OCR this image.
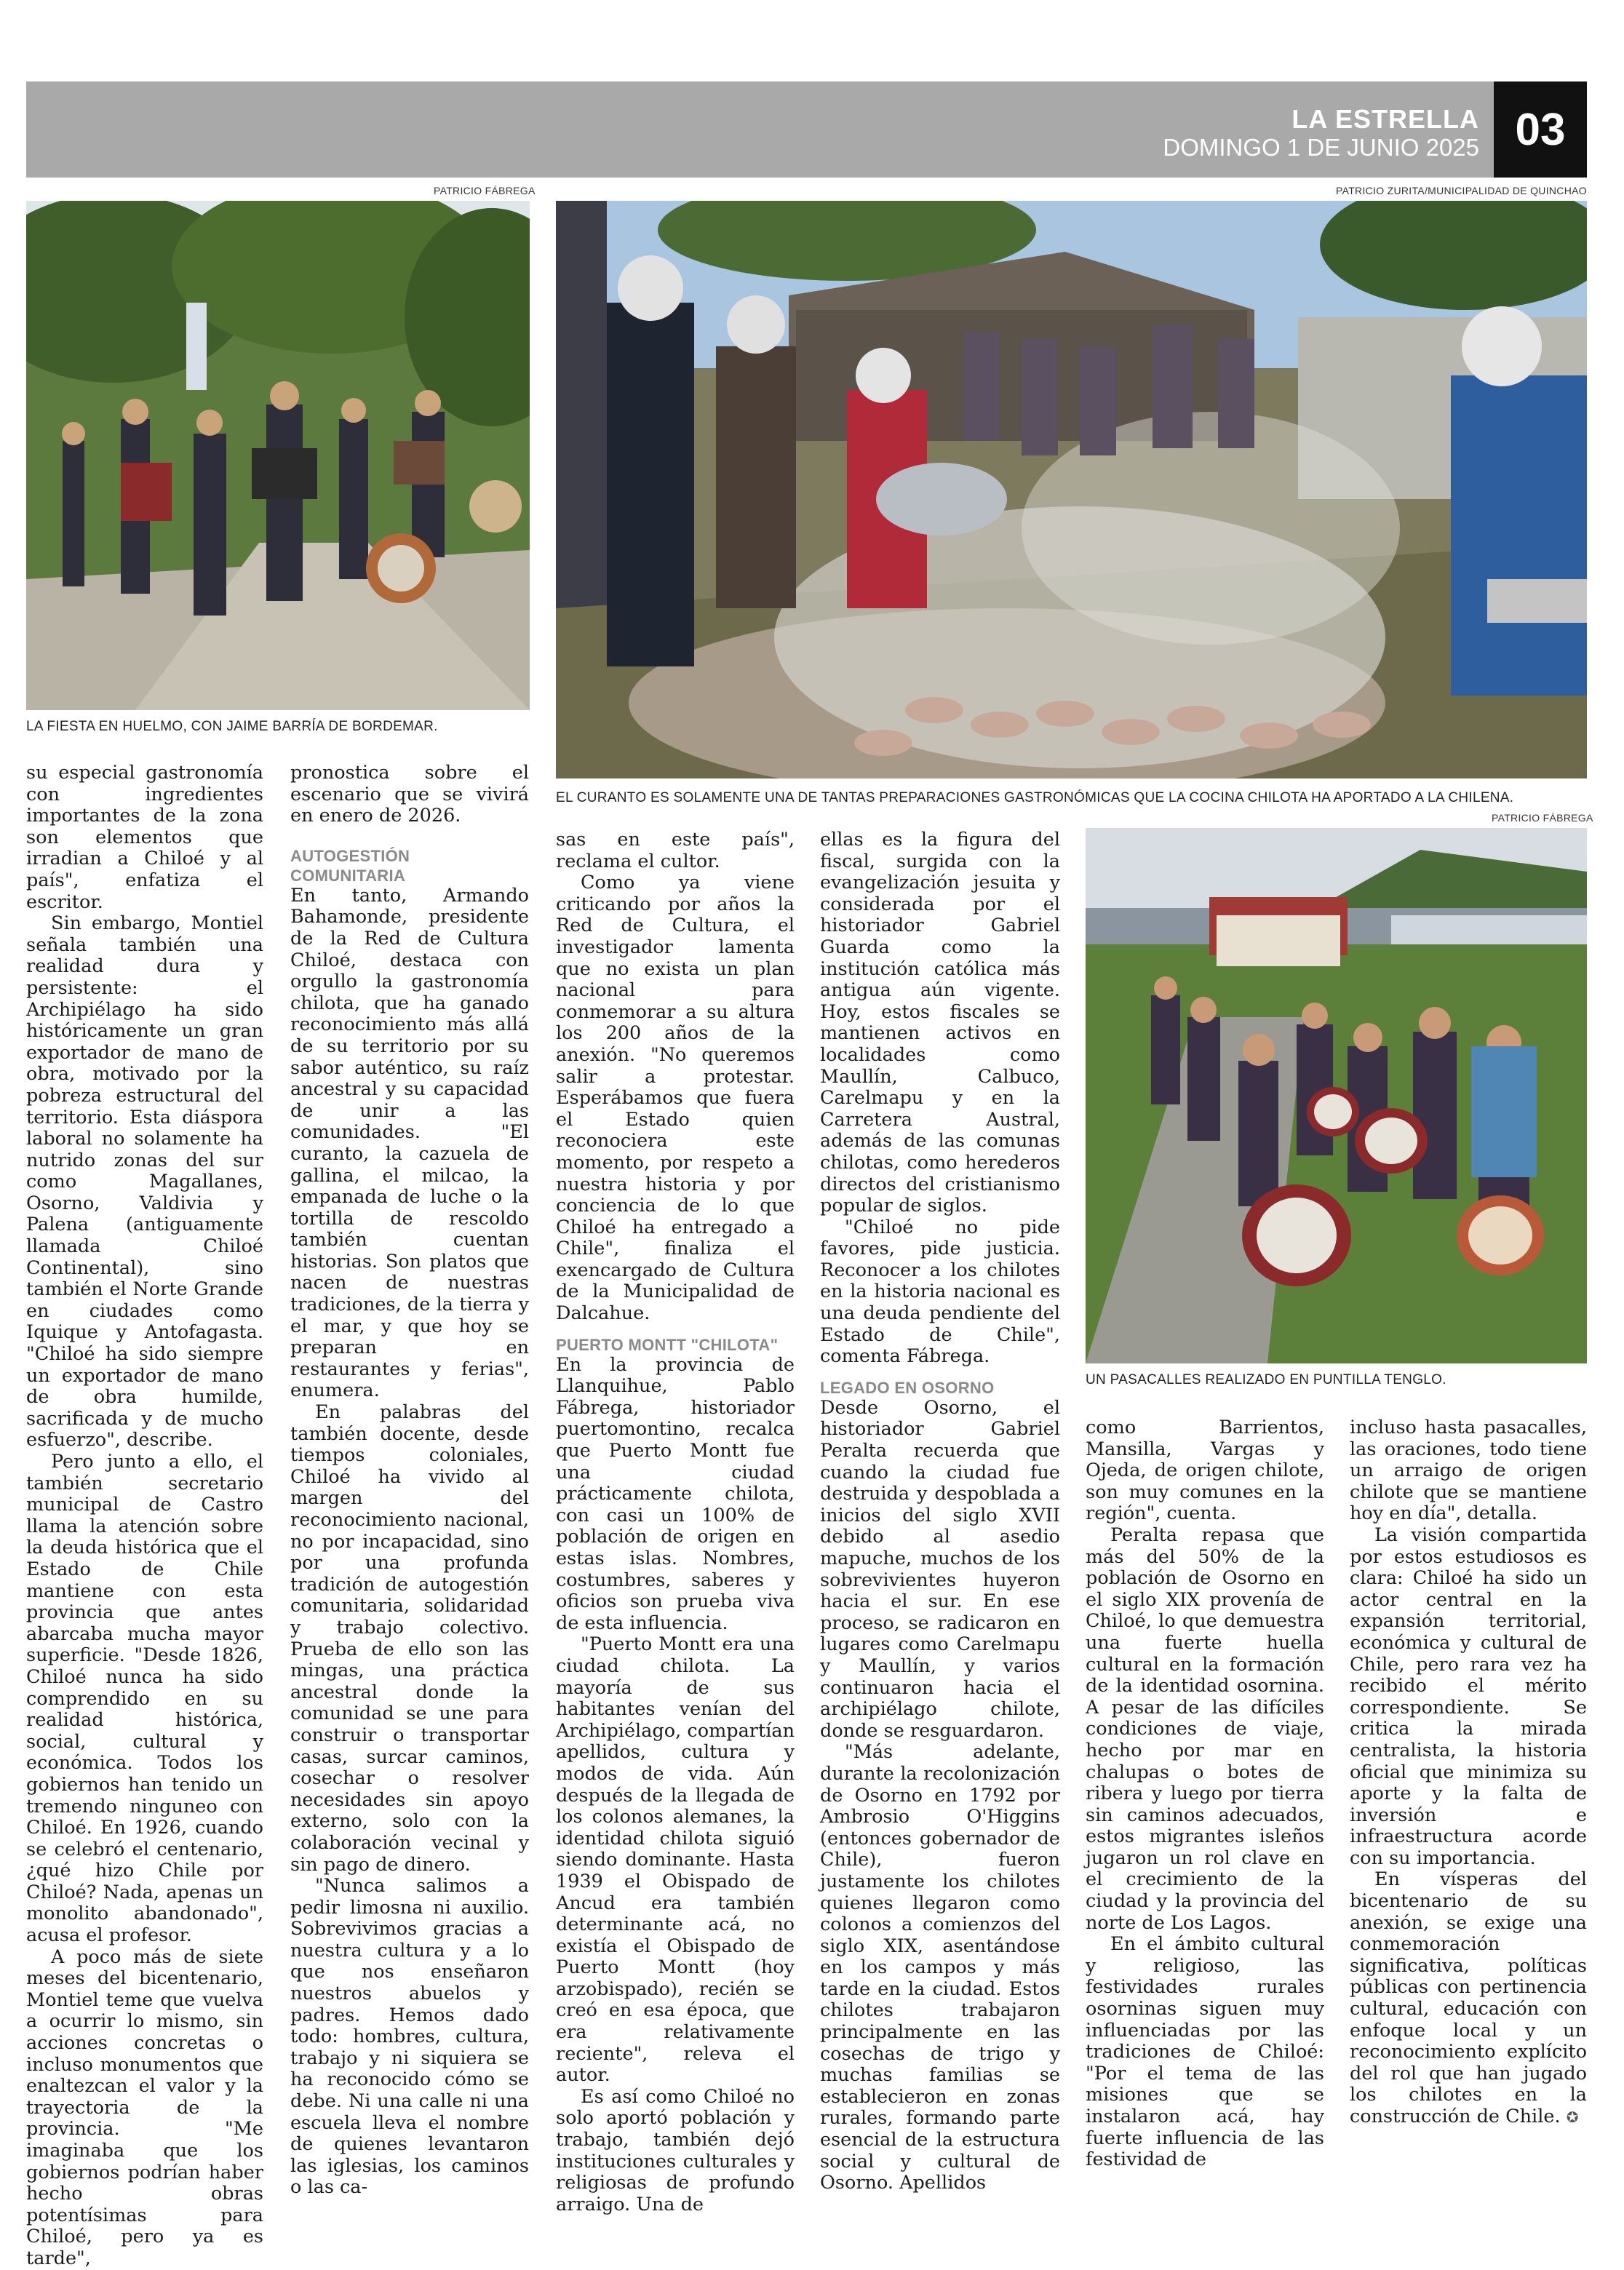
LA ESTRELLA
DOMINGO 1 DE JUNIO 2025 03
PATRICIO FÁBREGA
LA FIESTA EN HUELMO, CON JAIME BARRÍA DE BORDEMAR.
PATRICIO ZURITA/MUNICIPALIDAD DE QUINCHAO
EL CURANTO ES SOLAMENTE UNA DE TANTAS PREPARACIONES GASTRONÓMICAS QUE LA COCINA CHILOTA HA APORTADO A LA CHILENA.
PATRICIO FÁBREGA
UN PASACALLES REALIZADO EN PUNTILLA TENGLO.

su especial gastronomía con ingredientes importantes de la zona son elementos que irradian a Chiloé y al país", enfatiza el escritor.

Sin embargo, Montiel señala también una realidad dura y persistente: el Archipiélago ha sido históricamente un gran exportador de mano de obra, motivado por la pobreza estructural del territorio. Esta diáspora laboral no solamente ha nutrido zonas del sur como Magallanes, Osorno, Valdivia y Palena (antiguamente llamada Chiloé Continental), sino también el Norte Grande en ciudades como Iquique y Antofagasta. "Chiloé ha sido siempre un exportador de mano de obra humilde, sacrificada y de mucho esfuerzo", describe.

Pero junto a ello, el también secretario municipal de Castro llama la atención sobre la deuda histórica que el Estado de Chile mantiene con esta provincia que antes abarcaba mucha mayor superficie. "Desde 1826, Chiloé nunca ha sido comprendido en su realidad histórica, social, cultural y económica. Todos los gobiernos han tenido un tremendo ninguneo con Chiloé. En 1926, cuando se celebró el centenario, ¿qué hizo Chile por Chiloé? Nada, apenas un monolito abandonado", acusa el profesor.

A poco más de siete meses del bicentenario, Montiel teme que vuelva a ocurrir lo mismo, sin acciones concretas o incluso monumentos que enaltezcan el valor y la trayectoria de la provincia. "Me imaginaba que los gobiernos podrían haber hecho obras potentísimas para Chiloé, pero ya es tarde",

pronostica sobre el escenario que se vivirá en enero de 2026.

AUTOGESTIÓN COMUNITARIA

En tanto, Armando Bahamonde, presidente de la Red de Cultura Chiloé, destaca con orgullo la gastronomía chilota, que ha ganado reconocimiento más allá de su territorio por su sabor auténtico, su raíz ancestral y su capacidad de unir a las comunidades. "El curanto, la cazuela de gallina, el milcao, la empanada de luche o la tortilla de rescoldo también cuentan historias. Son platos que nacen de nuestras tradiciones, de la tierra y el mar, y que hoy se preparan en restaurantes y ferias", enumera.

En palabras del también docente, desde tiempos coloniales, Chiloé ha vivido al margen del reconocimiento nacional, no por incapacidad, sino por una profunda tradición de autogestión comunitaria, solidaridad y trabajo colectivo. Prueba de ello son las mingas, una práctica ancestral donde la comunidad se une para construir o transportar casas, surcar caminos, cosechar o resolver necesidades sin apoyo externo, solo con la colaboración vecinal y sin pago de dinero.

"Nunca salimos a pedir limosna ni auxilio. Sobrevivimos gracias a nuestra cultura y a lo que nos enseñaron nuestros abuelos y padres. Hemos dado todo: hombres, cultura, trabajo y ni siquiera se ha reconocido cómo se debe. Ni una calle ni una escuela lleva el nombre de quienes levantaron las iglesias, los caminos o las ca-

sas en este país", reclama el cultor.

Como ya viene criticando por años la Red de Cultura, el investigador lamenta que no exista un plan nacional para conmemorar a su altura los 200 años de la anexión. "No queremos salir a protestar. Esperábamos que fuera el Estado quien reconociera este momento, por respeto a nuestra historia y por conciencia de lo que Chiloé ha entregado a Chile", finaliza el exencargado de Cultura de la Municipalidad de Dalcahue.

PUERTO MONTT "CHILOTA"

En la provincia de Llanquihue, Pablo Fábrega, historiador puertomontino, recalca que Puerto Montt fue una ciudad prácticamente chilota, con casi un 100% de población de origen en estas islas. Nombres, costumbres, saberes y oficios son prueba viva de esta influencia.

"Puerto Montt era una ciudad chilota. La mayoría de sus habitantes venían del Archipiélago, compartían apellidos, cultura y modos de vida. Aún después de la llegada de los colonos alemanes, la identidad chilota siguió siendo dominante. Hasta 1939 el Obispado de Ancud era también determinante acá, no existía el Obispado de Puerto Montt (hoy arzobispado), recién se creó en esa época, que era relativamente reciente", releva el autor.

Es así como Chiloé no solo aportó población y trabajo, también dejó instituciones culturales y religiosas de profundo arraigo. Una de

ellas es la figura del fiscal, surgida con la evangelización jesuita y considerada por el historiador Gabriel Guarda como la institución católica más antigua aún vigente. Hoy, estos fiscales se mantienen activos en localidades como Maullín, Calbuco, Carelmapu y en la Carretera Austral, además de las comunas chilotas, como herederos directos del cristianismo popular de siglos.

"Chiloé no pide favores, pide justicia. Reconocer a los chilotes en la historia nacional es una deuda pendiente del Estado de Chile", comenta Fábrega.

LEGADO EN OSORNO

Desde Osorno, el historiador Gabriel Peralta recuerda que cuando la ciudad fue destruida y despoblada a inicios del siglo XVII debido al asedio mapuche, muchos de los sobrevivientes huyeron hacia el sur. En ese proceso, se radicaron en lugares como Carelmapu y Maullín, y varios continuaron hacia el archipiélago chilote, donde se resguardaron.

"Más adelante, durante la recolonización de Osorno en 1792 por Ambrosio O'Higgins (entonces gobernador de Chile), fueron justamente los chilotes quienes llegaron como colonos a comienzos del siglo XIX, asentándose en los campos y más tarde en la ciudad. Estos chilotes trabajaron principalmente en las cosechas de trigo y muchas familias se establecieron en zonas rurales, formando parte esencial de la estructura social y cultural de Osorno. Apellidos

como Barrientos, Mansilla, Vargas y Ojeda, de origen chilote, son muy comunes en la región", cuenta.

Peralta repasa que más del 50% de la población de Osorno en el siglo XIX provenía de Chiloé, lo que demuestra una fuerte huella cultural en la formación de la identidad osornina. A pesar de las difíciles condiciones de viaje, hecho por mar en chalupas o botes de ribera y luego por tierra sin caminos adecuados, estos migrantes isleños jugaron un rol clave en el crecimiento de la ciudad y la provincia del norte de Los Lagos.

En el ámbito cultural y religioso, las festividades rurales osorninas siguen muy influenciadas por las tradiciones de Chiloé: "Por el tema de las misiones que se instalaron acá, hay fuerte influencia de las festividad de

incluso hasta pasacalles, las oraciones, todo tiene un arraigo de origen chilote que se mantiene hoy en día", detalla.

La visión compartida por estos estudiosos es clara: Chiloé ha sido un actor central en la expansión territorial, económica y cultural de Chile, pero rara vez ha recibido el mérito correspondiente. Se critica la mirada centralista, la historia oficial que minimiza su aporte y la falta de inversión e infraestructura acorde con su importancia.

En vísperas del bicentenario de su anexión, se exige una conmemoración significativa, políticas públicas con pertinencia cultural, educación con enfoque local y un reconocimiento explícito del rol que han jugado los chilotes en la construcción de Chile. ✪
